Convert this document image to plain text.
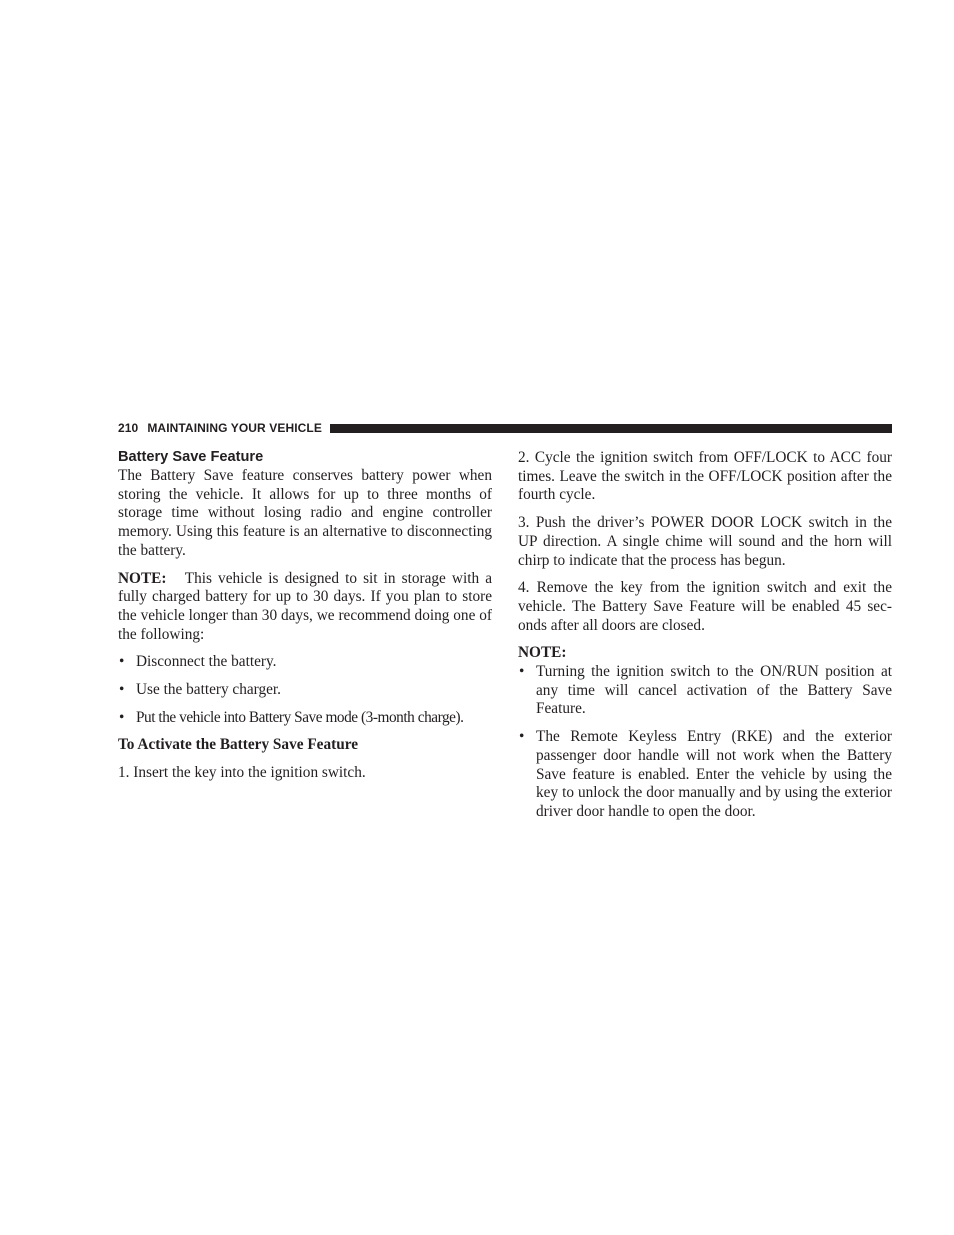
210 MAINTAINING YOUR VEHICLE
Battery Save Feature

The Battery Save feature conserves battery power when storing the vehicle. It allows for up to three months of storage time without losing radio and engine controller memory. Using this feature is an alternative to disconnecting the battery.

NOTE: This vehicle is designed to sit in storage with a fully charged battery for up to 30 days. If you plan to store the vehicle longer than 30 days, we recommend doing one of the following:

• Disconnect the battery.
• Use the battery charger.
• Put the vehicle into Battery Save mode (3-month charge).
To Activate the Battery Save Feature

1. Insert the key into the ignition switch.

2. Cycle the ignition switch from OFF/LOCK to ACC four times. Leave the switch in the OFF/LOCK position after the fourth cycle.

3. Push the driver’s POWER DOOR LOCK switch in the UP direction. A single chime will sound and the horn will chirp to indicate that the process has begun.

4. Remove the key from the ignition switch and exit the vehicle. The Battery Save Feature will be enabled 45 seconds after all doors are closed.

NOTE:

• Turning the ignition switch to the ON/RUN position at any time will cancel activation of the Battery Save Feature.
• The Remote Keyless Entry (RKE) and the exterior passenger door handle will not work when the Battery Save feature is enabled. Enter the vehicle by using the key to unlock the door manually and by using the exterior driver door handle to open the door.
